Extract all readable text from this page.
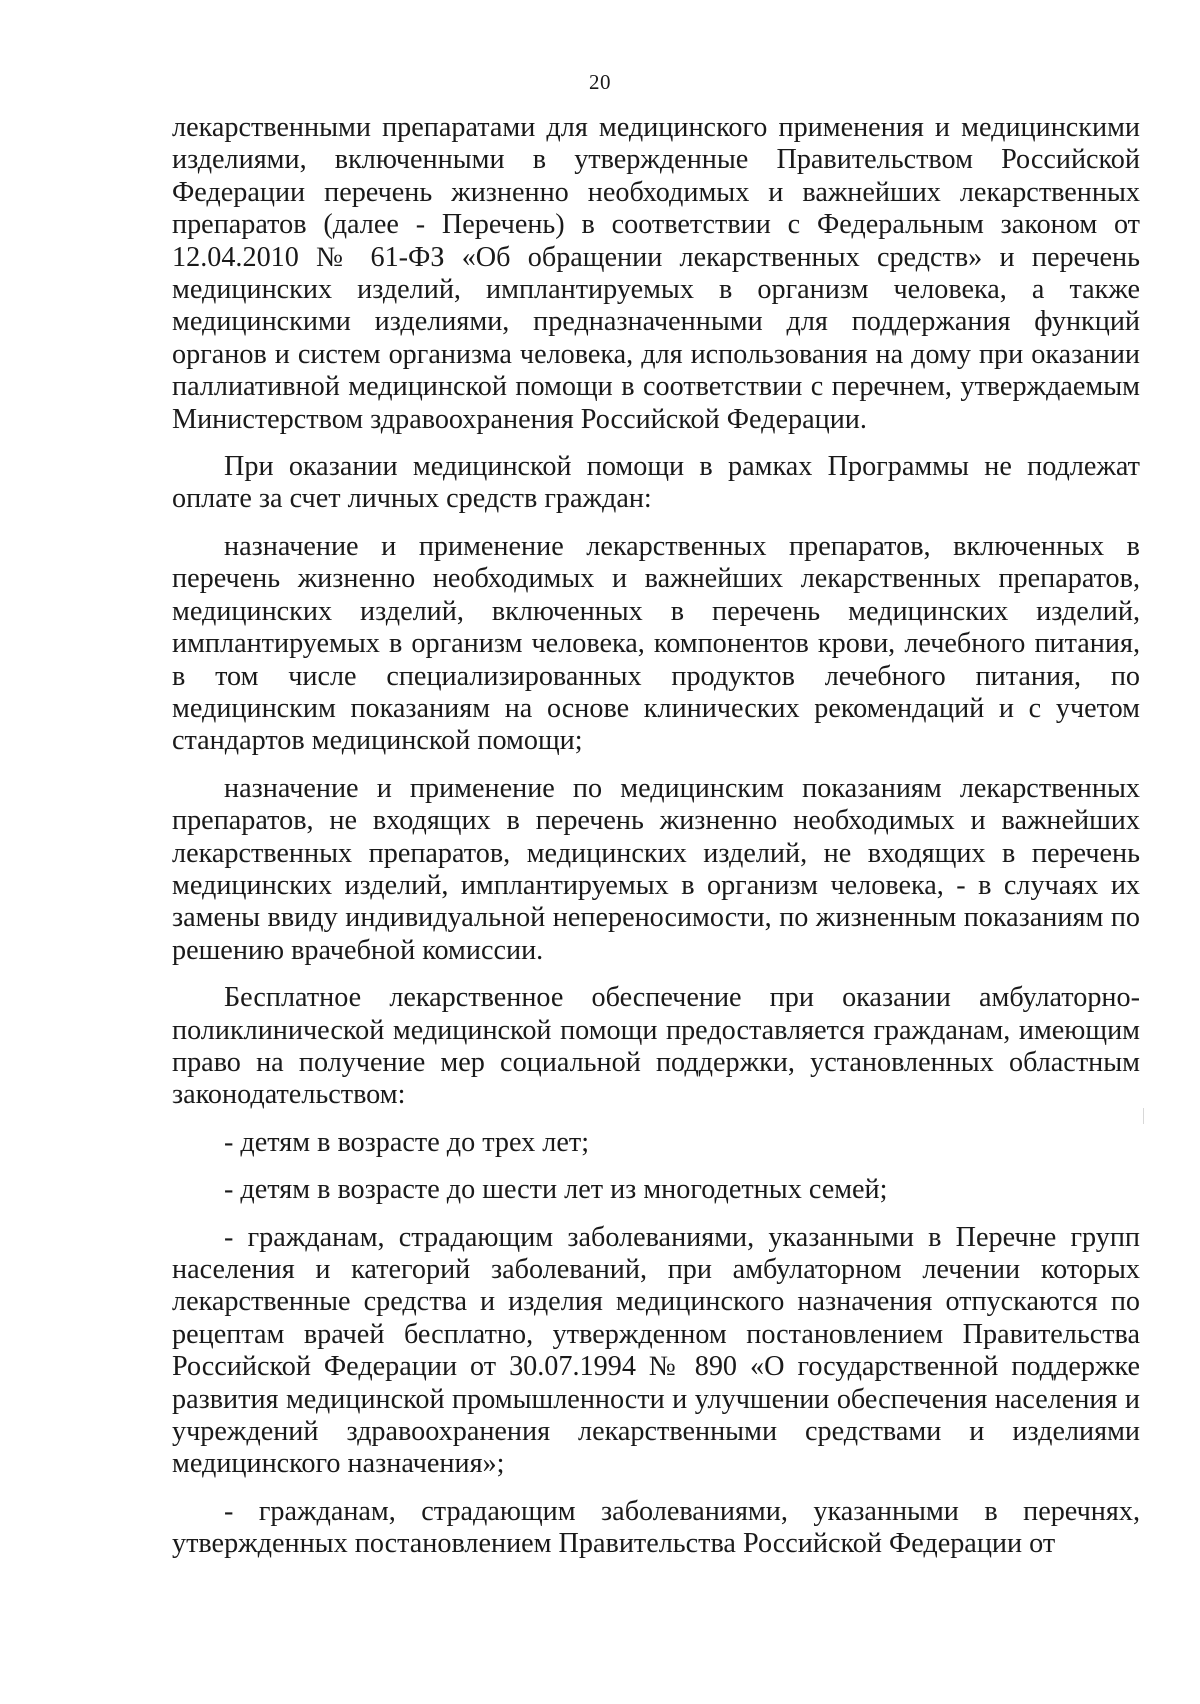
20

лекарственными препаратами для медицинского применения и медицинскими изделиями, включенными в утвержденные Правительством Российской Федерации перечень жизненно необходимых и важнейших лекарственных препаратов (далее - Перечень) в соответствии с Федеральным законом от 12.04.2010 № 61-ФЗ «Об обращении лекарственных средств» и перечень медицинских изделий, имплантируемых в организм человека, а также медицинскими изделиями, предназначенными для поддержания функций органов и систем организма человека, для использования на дому при оказании паллиативной медицинской помощи в соответствии с перечнем, утверждаемым Министерством здравоохранения Российской Федерации.

При оказании медицинской помощи в рамках Программы не подлежат оплате за счет личных средств граждан:

назначение и применение лекарственных препаратов, включенных в перечень жизненно необходимых и важнейших лекарственных препаратов, медицинских изделий, включенных в перечень медицинских изделий, имплантируемых в организм человека, компонентов крови, лечебного питания, в том числе специализированных продуктов лечебного питания, по медицинским показаниям на основе клинических рекомендаций и с учетом стандартов медицинской помощи;

назначение и применение по медицинским показаниям лекарственных препаратов, не входящих в перечень жизненно необходимых и важнейших лекарственных препаратов, медицинских изделий, не входящих в перечень медицинских изделий, имплантируемых в организм человека, - в случаях их замены ввиду индивидуальной непереносимости, по жизненным показаниям по решению врачебной комиссии.

Бесплатное лекарственное обеспечение при оказании амбулаторно-поликлинической медицинской помощи предоставляется гражданам, имеющим право на получение мер социальной поддержки, установленных областным законодательством:

- детям в возрасте до трех лет;

- детям в возрасте до шести лет из многодетных семей;

- гражданам, страдающим заболеваниями, указанными в Перечне групп населения и категорий заболеваний, при амбулаторном лечении которых лекарственные средства и изделия медицинского назначения отпускаются по рецептам врачей бесплатно, утвержденном постановлением Правительства Российской Федерации от 30.07.1994 № 890 «О государственной поддержке развития медицинской промышленности и улучшении обеспечения населения и учреждений здравоохранения лекарственными средствами и изделиями медицинского назначения»;

- гражданам, страдающим заболеваниями, указанными в перечнях, утвержденных постановлением Правительства Российской Федерации от
